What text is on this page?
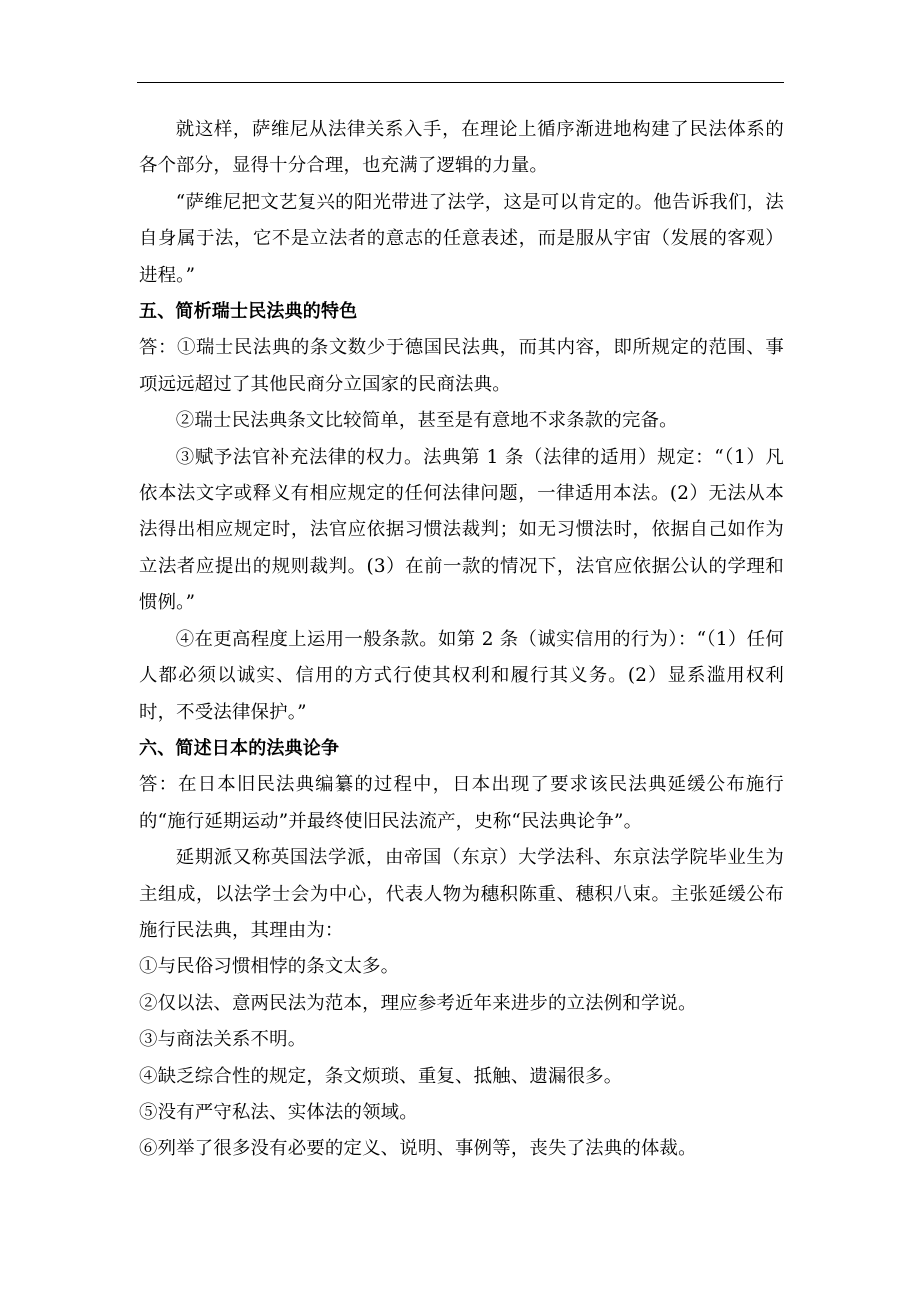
就这样，萨维尼从法律关系入手，在理论上循序渐进地构建了民法体系的各个部分，显得十分合理，也充满了逻辑的力量。

“萨维尼把文艺复兴的阳光带进了法学，这是可以肯定的。他告诉我们，法自身属于法，它不是立法者的意志的任意表述，而是服从宇宙（发展的客观）进程。”

五、简析瑞士民法典的特色

答：①瑞士民法典的条文数少于德国民法典，而其内容，即所规定的范围、事项远远超过了其他民商分立国家的民商法典。

②瑞士民法典条文比较简单，甚至是有意地不求条款的完备。

③赋予法官补充法律的权力。法典第 1 条（法律的适用）规定：“（1）凡依本法文字或释义有相应规定的任何法律问题，一律适用本法。(2）无法从本法得出相应规定时，法官应依据习惯法裁判；如无习惯法时，依据自己如作为立法者应提出的规则裁判。(3）在前一款的情况下，法官应依据公认的学理和惯例。”

④在更高程度上运用一般条款。如第 2 条（诚实信用的行为）：“（1）任何人都必须以诚实、信用的方式行使其权利和履行其义务。(2）显系滥用权利时，不受法律保护。”

六、简述日本的法典论争

答：在日本旧民法典编纂的过程中，日本出现了要求该民法典延缓公布施行的“施行延期运动”并最终使旧民法流产，史称“民法典论争”。

延期派又称英国法学派，由帝国（东京）大学法科、东京法学院毕业生为主组成，以法学士会为中心，代表人物为穗积陈重、穗积八束。主张延缓公布施行民法典，其理由为：

①与民俗习惯相悖的条文太多。

②仅以法、意两民法为范本，理应参考近年来进步的立法例和学说。

③与商法关系不明。

④缺乏综合性的规定，条文烦琐、重复、抵触、遗漏很多。

⑤没有严守私法、实体法的领域。

⑥列举了很多没有必要的定义、说明、事例等，丧失了法典的体裁。
